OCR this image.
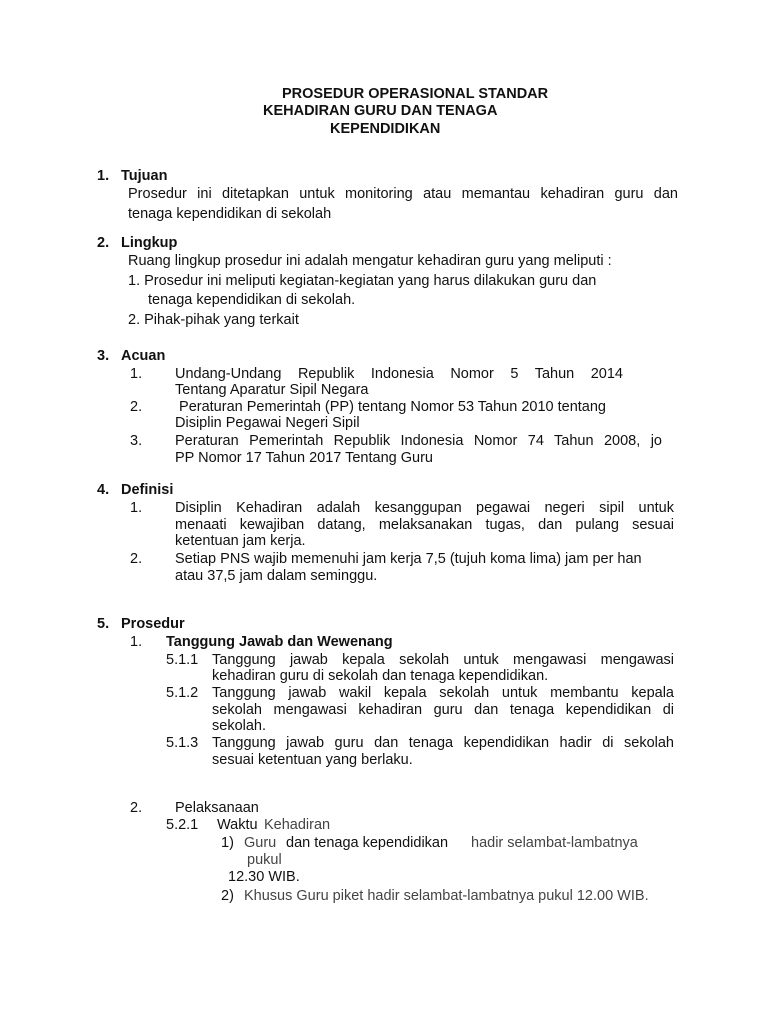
PROSEDUR OPERASIONAL STANDAR
KEHADIRAN GURU DAN TENAGA
KEPENDIDIKAN
1. Tujuan
Prosedur ini ditetapkan untuk monitoring atau memantau kehadiran guru dan
tenaga kependidikan di sekolah
2. Lingkup
Ruang lingkup prosedur ini adalah mengatur kehadiran guru yang meliputi :
1. Prosedur ini meliputi kegiatan-kegiatan yang harus dilakukan guru dan
tenaga kependidikan di sekolah.
2. Pihak-pihak yang terkait
3. Acuan
1. Undang-Undang Republik Indonesia Nomor 5 Tahun 2014
Tentang Aparatur Sipil Negara
2. Peraturan Pemerintah (PP) tentang Nomor 53 Tahun 2010 tentang
Disiplin Pegawai Negeri Sipil
3. Peraturan Pemerintah Republik Indonesia Nomor 74 Tahun 2008, jo
PP Nomor 17 Tahun 2017 Tentang Guru
4. Definisi
1. Disiplin Kehadiran adalah kesanggupan pegawai negeri sipil untuk
menaati kewajiban datang, melaksanakan tugas, dan pulang sesuai
ketentuan jam kerja.
2. Setiap PNS wajib memenuhi jam kerja 7,5 (tujuh koma lima) jam per han
atau 37,5 jam dalam seminggu.
5. Prosedur
1. Tanggung Jawab dan Wewenang
5.1.1 Tanggung jawab kepala sekolah untuk mengawasi mengawasi
kehadiran guru di sekolah dan tenaga kependidikan.
5.1.2 Tanggung jawab wakil kepala sekolah untuk membantu kepala
sekolah mengawasi kehadiran guru dan tenaga kependidikan di
sekolah.
5.1.3 Tanggung jawab guru dan tenaga kependidikan hadir di sekolah
sesuai ketentuan yang berlaku.
2. Pelaksanaan
5.2.1 Waktu Kehadiran
1) Guru dan tenaga kependidikan hadir selambat-lambatnya
pukul
12.30 WIB.
2) Khusus Guru piket hadir selambat-lambatnya pukul 12.00 WIB.
